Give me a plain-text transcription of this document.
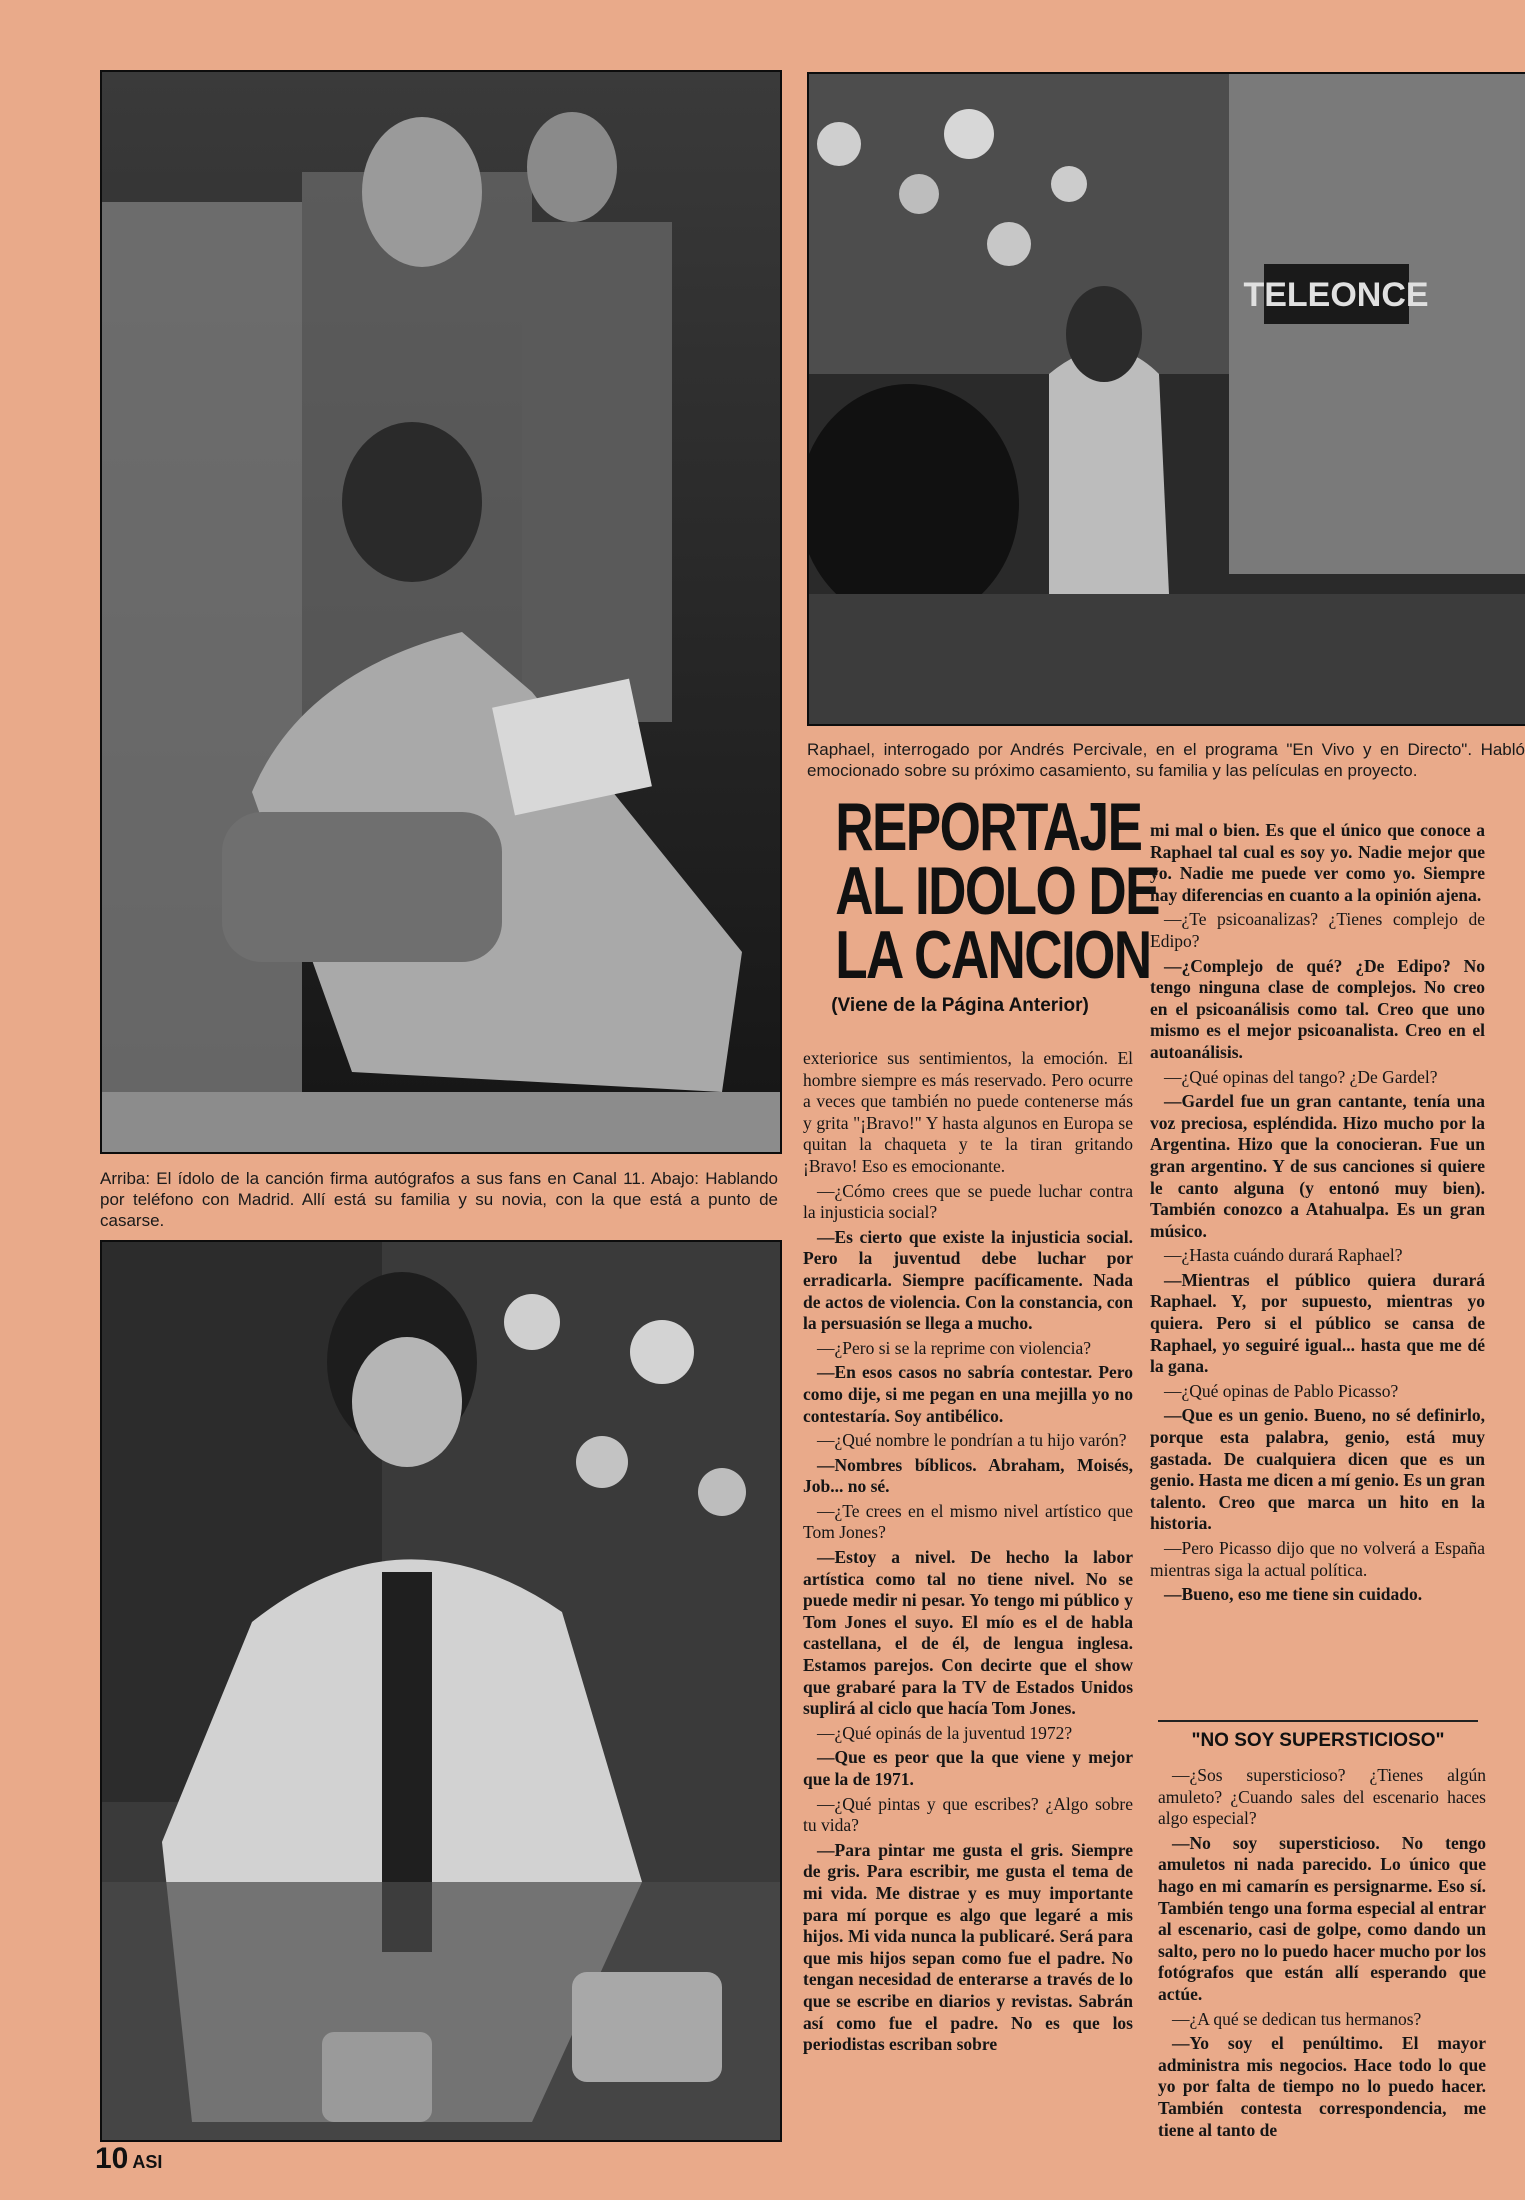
TELEONCE
Raphael, interrogado por Andrés Percivale, en el programa "En Vivo y en Directo". Habló emocionado sobre su próximo casamiento, su familia y las películas en proyecto.
Arriba: El ídolo de la canción firma autógrafos a sus fans en Canal 11. Abajo: Hablando por teléfono con Madrid. Allí está su familia y su novia, con la que está a punto de casarse.
REPORTAJE
AL IDOLO DE
LA CANCION
(Viene de la Página Anterior)

exteriorice sus sentimientos, la emoción. El hombre siempre es más reservado. Pero ocurre a veces que también no puede contenerse más y grita "¡Bravo!" Y hasta algunos en Europa se quitan la chaqueta y te la tiran gritando ¡Bravo! Eso es emocionante.

—¿Cómo crees que se puede luchar contra la injusticia social?

—Es cierto que existe la injusticia social. Pero la juventud debe luchar por erradicarla. Siempre pacíficamente. Nada de actos de violencia. Con la constancia, con la persuasión se llega a mucho.

—¿Pero si se la reprime con violencia?

—En esos casos no sabría contestar. Pero como dije, si me pegan en una mejilla yo no contestaría. Soy antibélico.

—¿Qué nombre le pondrían a tu hijo varón?

—Nombres bíblicos. Abraham, Moisés, Job... no sé.

—¿Te crees en el mismo nivel artístico que Tom Jones?

—Estoy a nivel. De hecho la labor artística como tal no tiene nivel. No se puede medir ni pesar. Yo tengo mi público y Tom Jones el suyo. El mío es el de habla castellana, el de él, de lengua inglesa. Estamos parejos. Con decirte que el show que grabaré para la TV de Estados Unidos suplirá al ciclo que hacía Tom Jones.

—¿Qué opinás de la juventud 1972?

—Que es peor que la que viene y mejor que la de 1971.

—¿Qué pintas y que escribes? ¿Algo sobre tu vida?

—Para pintar me gusta el gris. Siempre de gris. Para escribir, me gusta el tema de mi vida. Me distrae y es muy importante para mí porque es algo que legaré a mis hijos. Mi vida nunca la publicaré. Será para que mis hijos sepan como fue el padre. No tengan necesidad de enterarse a través de lo que se escribe en diarios y revistas. Sabrán así como fue el padre. No es que los periodistas escriban sobre

mi mal o bien. Es que el único que conoce a Raphael tal cual es soy yo. Nadie mejor que yo. Nadie me puede ver como yo. Siempre hay diferencias en cuanto a la opinión ajena.

—¿Te psicoanalizas? ¿Tienes complejo de Edipo?

—¿Complejo de qué? ¿De Edipo? No tengo ninguna clase de complejos. No creo en el psicoanálisis como tal. Creo que uno mismo es el mejor psicoanalista. Creo en el autoanálisis.

—¿Qué opinas del tango? ¿De Gardel?

—Gardel fue un gran cantante, tenía una voz preciosa, espléndida. Hizo mucho por la Argentina. Hizo que la conocieran. Fue un gran argentino. Y de sus canciones si quiere le canto alguna (y entonó muy bien). También conozco a Atahualpa. Es un gran músico.

—¿Hasta cuándo durará Raphael?

—Mientras el público quiera durará Raphael. Y, por supuesto, mientras yo quiera. Pero si el público se cansa de Raphael, yo seguiré igual... hasta que me dé la gana.

—¿Qué opinas de Pablo Picasso?

—Que es un genio. Bueno, no sé definirlo, porque esta palabra, genio, está muy gastada. De cualquiera dicen que es un genio. Hasta me dicen a mí genio. Es un gran talento. Creo que marca un hito en la historia.

—Pero Picasso dijo que no volverá a España mientras siga la actual política.

—Bueno, eso me tiene sin cuidado.

"NO SOY SUPERSTICIOSO"

—¿Sos supersticioso? ¿Tienes algún amuleto? ¿Cuando sales del escenario haces algo especial?

—No soy supersticioso. No tengo amuletos ni nada parecido. Lo único que hago en mi camarín es persignarme. Eso sí. También tengo una forma especial al entrar al escenario, casi de golpe, como dando un salto, pero no lo puedo hacer mucho por los fotógrafos que están allí esperando que actúe.

—¿A qué se dedican tus hermanos?

—Yo soy el penúltimo. El mayor administra mis negocios. Hace todo lo que yo por falta de tiempo no lo puedo hacer. También contesta correspondencia, me tiene al tanto de

10 ASI
